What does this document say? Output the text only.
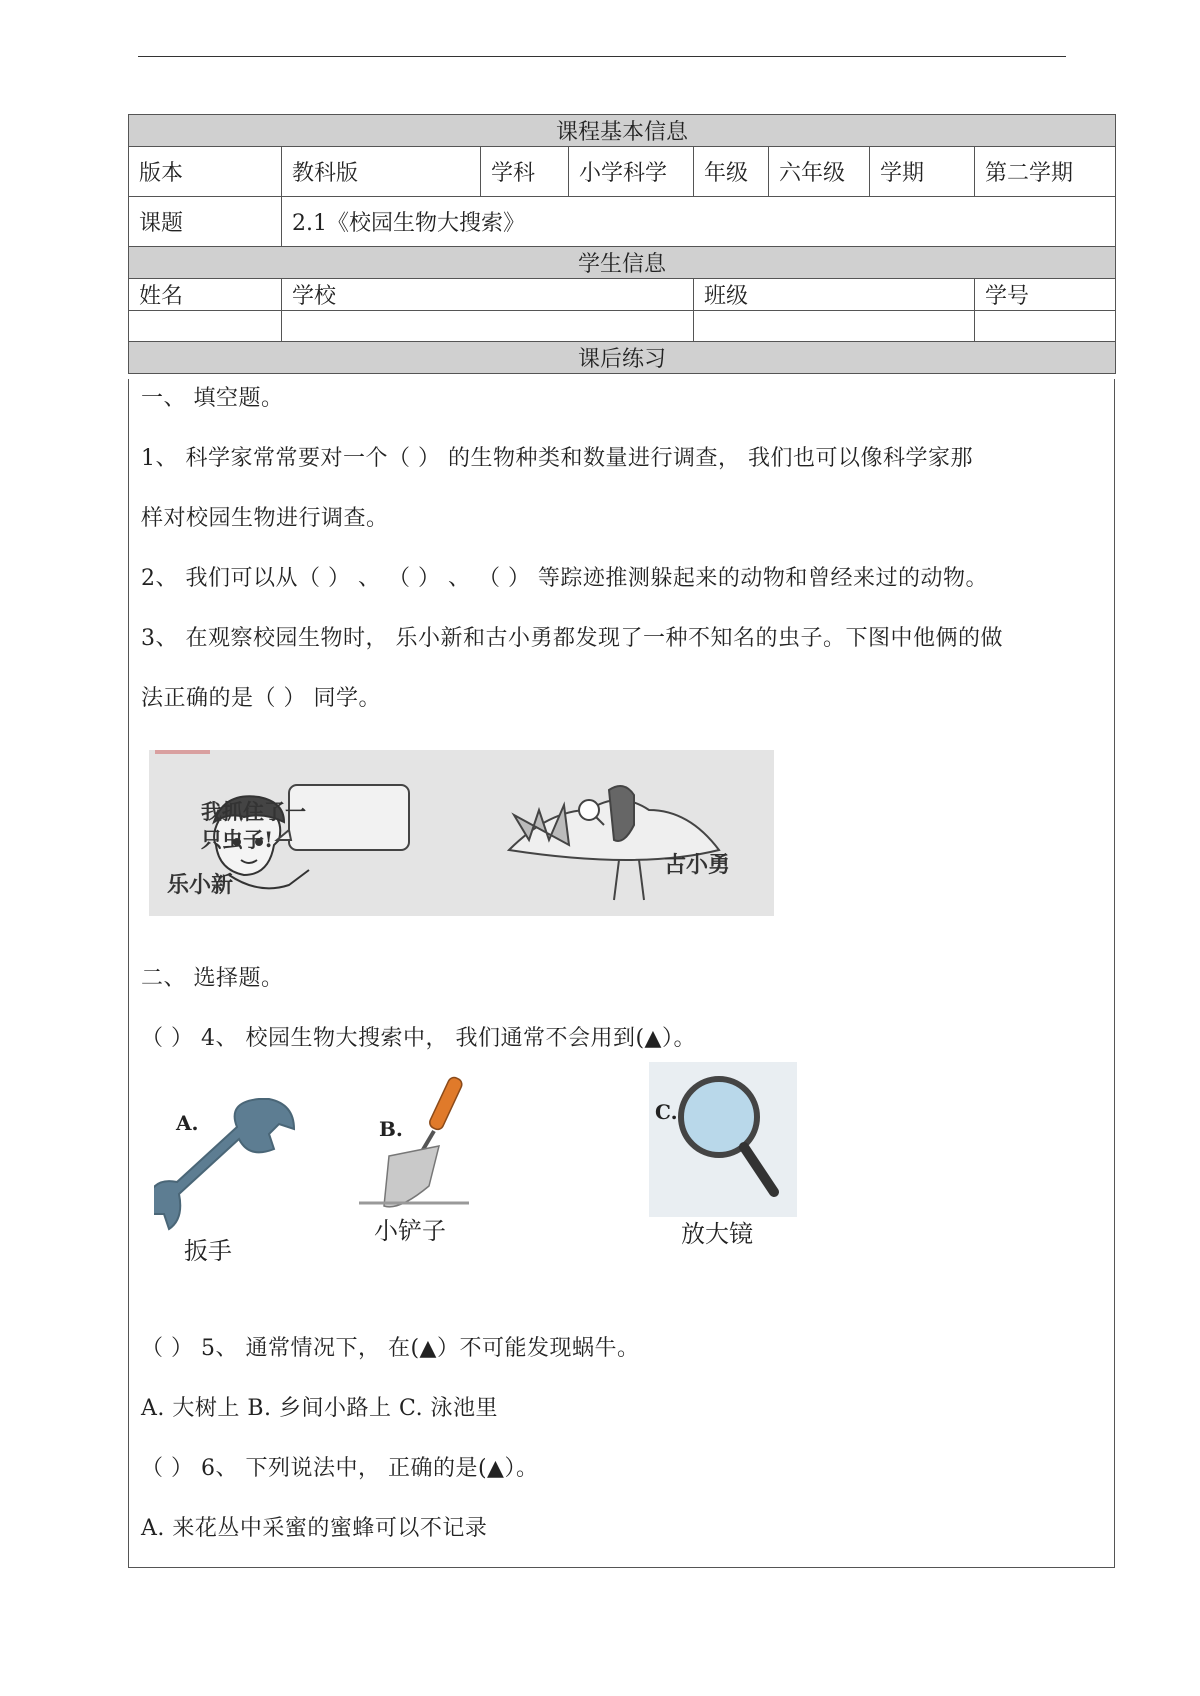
课程基本信息							
版本	教科版	学科	小学科学	年级	六年级	学期	第二学期
课题	2.1《校园生物大搜索》						
学生信息							
姓名	学校			班级			学号

课后练习							
一、 填空题。
1、 科学家常常要对一个（ ） 的生物种类和数量进行调查， 我们也可以像科学家那
样对校园生物进行调查。
2、 我们可以从（ ） 、 （ ） 、 （ ） 等踪迹推测躲起来的动物和曾经来过的动物。
3、 在观察校园生物时， 乐小新和古小勇都发现了一种不知名的虫子。下图中他俩的做
法正确的是（ ） 同学。
我抓住了一只虫子!
乐小新
古小勇
二、 选择题。
（ ） 4、 校园生物大搜索中， 我们通常不会用到(▲）。
A.
扳手
B.
小铲子
C.
放大镜
（ ） 5、 通常情况下， 在(▲）不可能发现蜗牛。
A. 大树上 B. 乡间小路上 C. 泳池里
（ ） 6、 下列说法中， 正确的是(▲）。
A. 来花丛中采蜜的蜜蜂可以不记录
